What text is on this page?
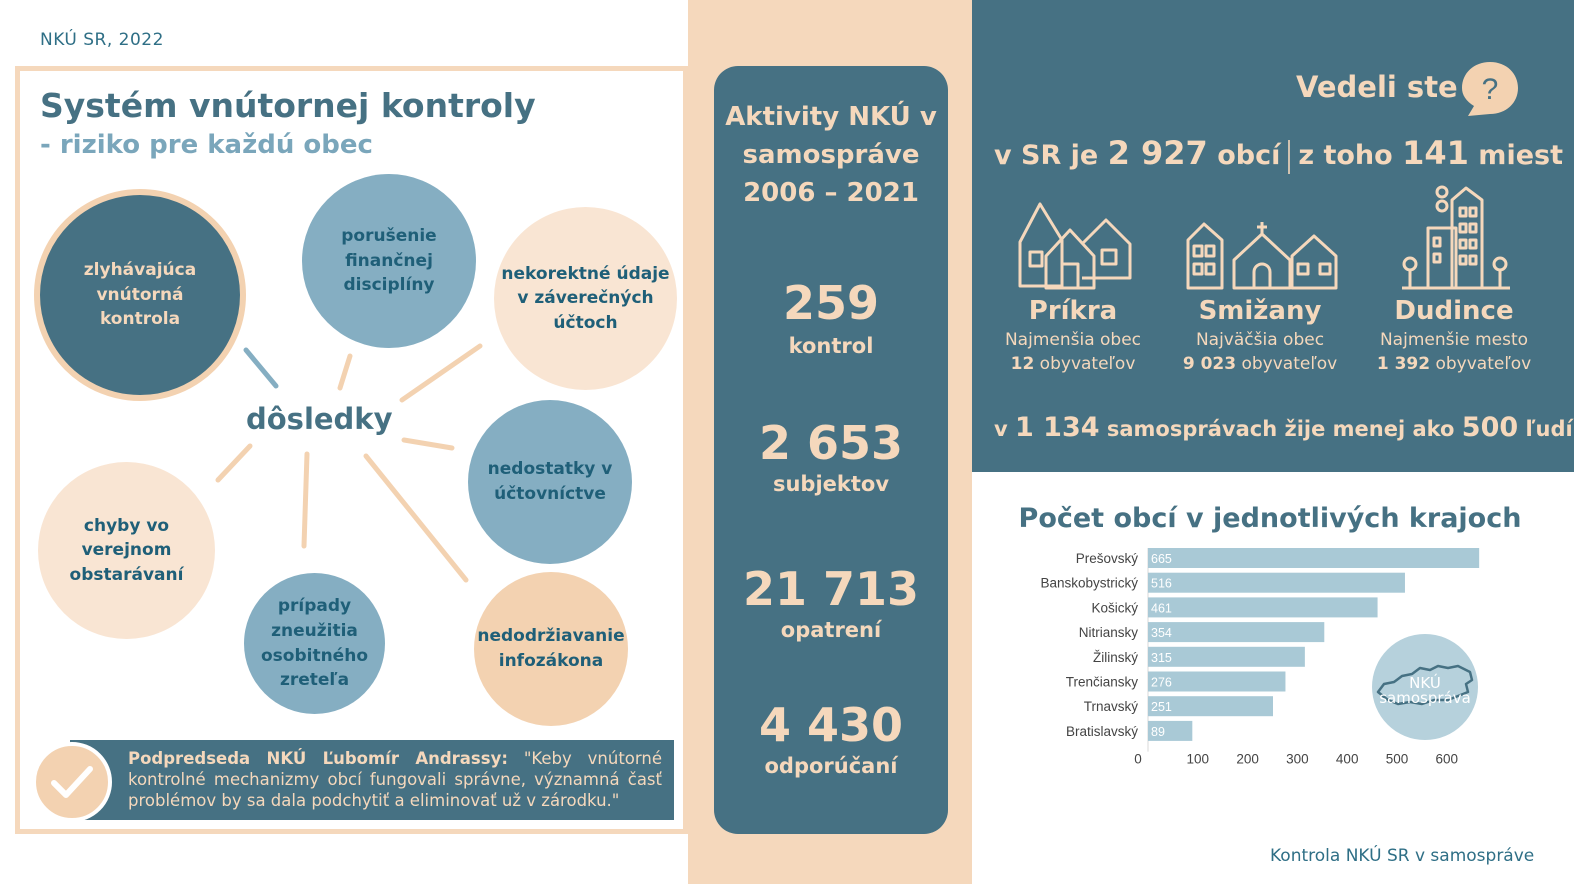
NKÚ SR, 2022
Systém vnútornej kontroly
- riziko pre každú obec
zlyhávajúca vnútorná kontrola
porušenie finančnej disciplíny
nekorektné údaje v záverečných účtoch
nedostatky v účtovníctve
nedodržiavanie infozákona
prípady zneužitia osobitného zreteľa
chyby vo verejnom obstarávaní
dôsledky
Podpredseda NKÚ Ľubomír Andrassy: "Keby vnútorné kontrolné mechanizmy obcí fungovali správne, významná časť problémov by sa dala podchytiť a eliminovať už v zárodku."
Aktivity NKÚ v samospráve 2006 – 2021
259
kontrol
2 653
subjektov
21 713
opatrení
4 430
odporúčaní
Vedeli ste ?
v SR je 2 927 obcí z toho 141 miest
Príkra
Najmenšia obec
12 obyvateľov
Smižany
Najväčšia obec
9 023 obyvateľov
Dudince
Najmenšie mesto
1 392 obyvateľov
v 1 134 samosprávach žije menej ako 500 ľudí
Počet obcí v jednotlivých krajoch
Prešovský 665
Banskobystrický 516
Košický 461
Nitriansky 354
Žilinský 315
Trenčiansky 276
Trnavský 251
Bratislavský 89
0	100 200 300 400 500 600
NKÚ samospráva
Kontrola NKÚ SR v samospráve
